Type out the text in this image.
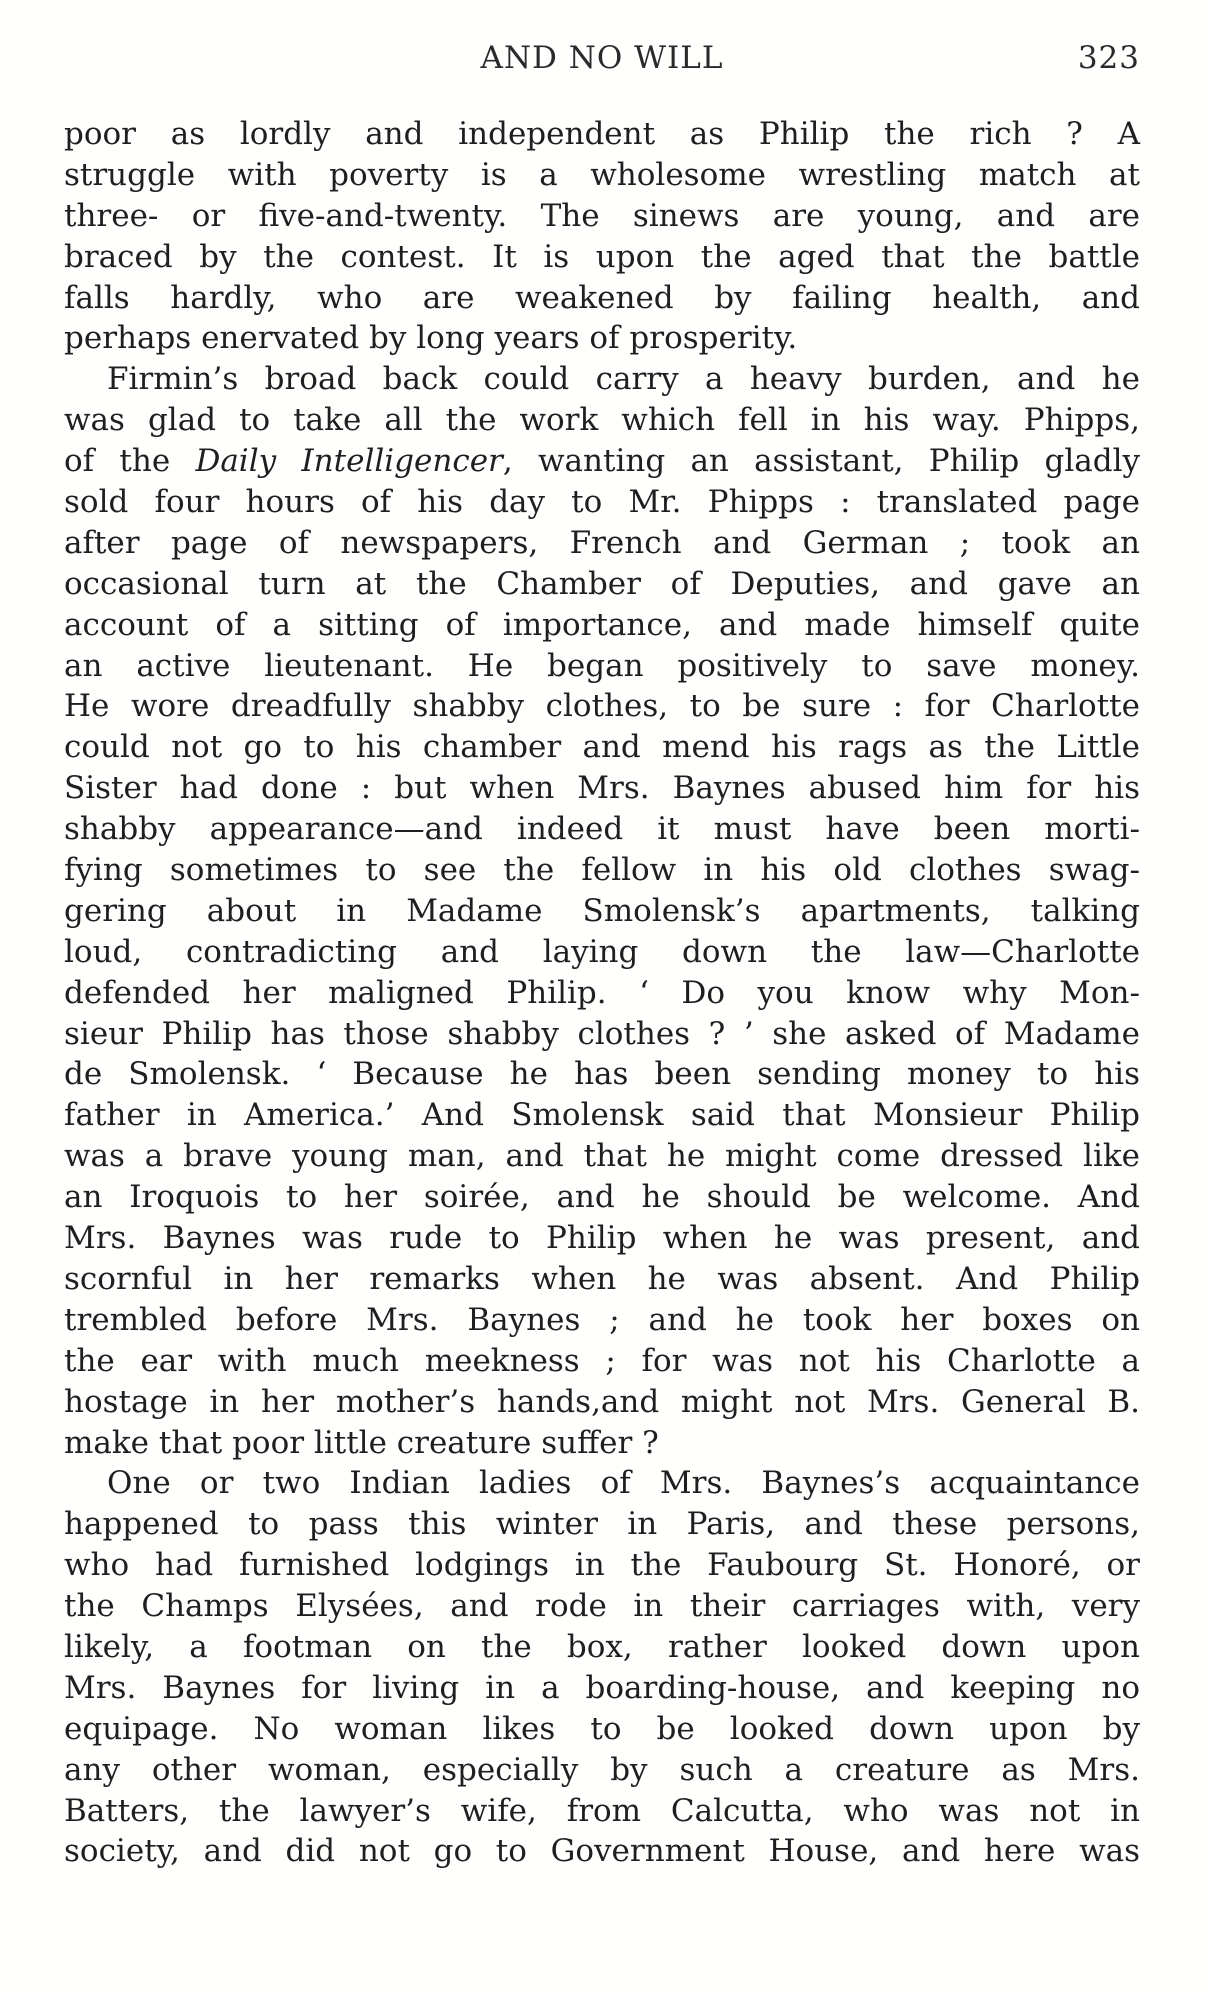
AND NO WILL	323
poor as lordly and independent as Philip the rich ? A
struggle with poverty is a wholesome wrestling match at
three- or five-and-twenty. The sinews are young, and are
braced by the contest. It is upon the aged that the battle
falls hardly, who are weakened by failing health, and
perhaps enervated by long years of prosperity.
Firmin’s broad back could carry a heavy burden, and he
was glad to take all the work which fell in his way. Phipps,
of the Daily Intelligencer, wanting an assistant, Philip gladly
sold four hours of his day to Mr. Phipps : translated page
after page of newspapers, French and German ; took an
occasional turn at the Chamber of Deputies, and gave an
account of a sitting of importance, and made himself quite
an active lieutenant. He began positively to save money.
He wore dreadfully shabby clothes, to be sure : for Charlotte
could not go to his chamber and mend his rags as the Little
Sister had done : but when Mrs. Baynes abused him for his
shabby appearance—and indeed it must have been morti-
fying sometimes to see the fellow in his old clothes swag-
gering about in Madame Smolensk’s apartments, talking
loud, contradicting and laying down the law—Charlotte
defended her maligned Philip. ‘ Do you know why Mon-
sieur Philip has those shabby clothes ? ’ she asked of Madame
de Smolensk. ‘ Because he has been sending money to his
father in America.’ And Smolensk said that Monsieur Philip
was a brave young man, and that he might come dressed like
an Iroquois to her soirée, and he should be welcome. And
Mrs. Baynes was rude to Philip when he was present, and
scornful in her remarks when he was absent. And Philip
trembled before Mrs. Baynes ; and he took her boxes on
the ear with much meekness ; for was not his Charlotte a
hostage in her mother’s hands,and might not Mrs. General B.
make that poor little creature suffer ?
One or two Indian ladies of Mrs. Baynes’s acquaintance
happened to pass this winter in Paris, and these persons,
who had furnished lodgings in the Faubourg St. Honoré, or
the Champs Elysées, and rode in their carriages with, very
likely, a footman on the box, rather looked down upon
Mrs. Baynes for living in a boarding-house, and keeping no
equipage. No woman likes to be looked down upon by
any other woman, especially by such a creature as Mrs.
Batters, the lawyer’s wife, from Calcutta, who was not in
society, and did not go to Government House, and here was
